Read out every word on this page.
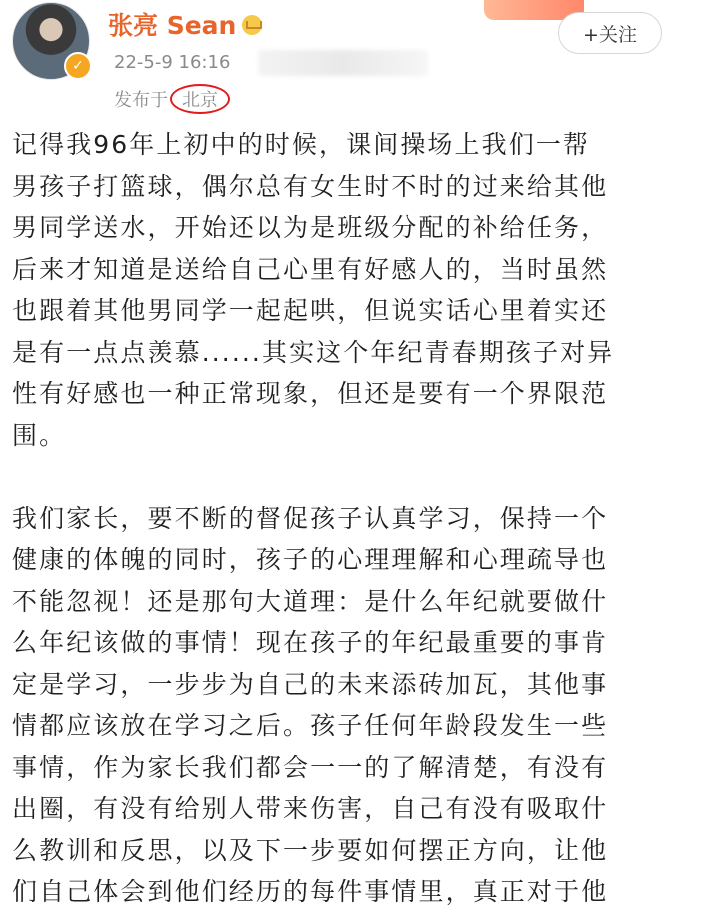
✓
张亮 Sean
22-5-9 16:16
发布于 北京
+关注

记得我96年上初中的时候，课间操场上我们一帮

男孩子打篮球，偶尔总有女生时不时的过来给其他

男同学送水，开始还以为是班级分配的补给任务，

后来才知道是送给自己心里有好感人的，当时虽然

也跟着其他男同学一起起哄，但说实话心里着实还

是有一点点羡慕......其实这个年纪青春期孩子对异

性有好感也一种正常现象，但还是要有一个界限范

围。

我们家长，要不断的督促孩子认真学习，保持一个

健康的体魄的同时，孩子的心理理解和心理疏导也

不能忽视！还是那句大道理：是什么年纪就要做什

么年纪该做的事情！现在孩子的年纪最重要的事肯

定是学习，一步步为自己的未来添砖加瓦，其他事

情都应该放在学习之后。孩子任何年龄段发生一些

事情，作为家长我们都会一一的了解清楚，有没有

出圈，有没有给别人带来伤害，自己有没有吸取什

么教训和反思，以及下一步要如何摆正方向，让他

们自己体会到他们经历的每件事情里，真正对于他
